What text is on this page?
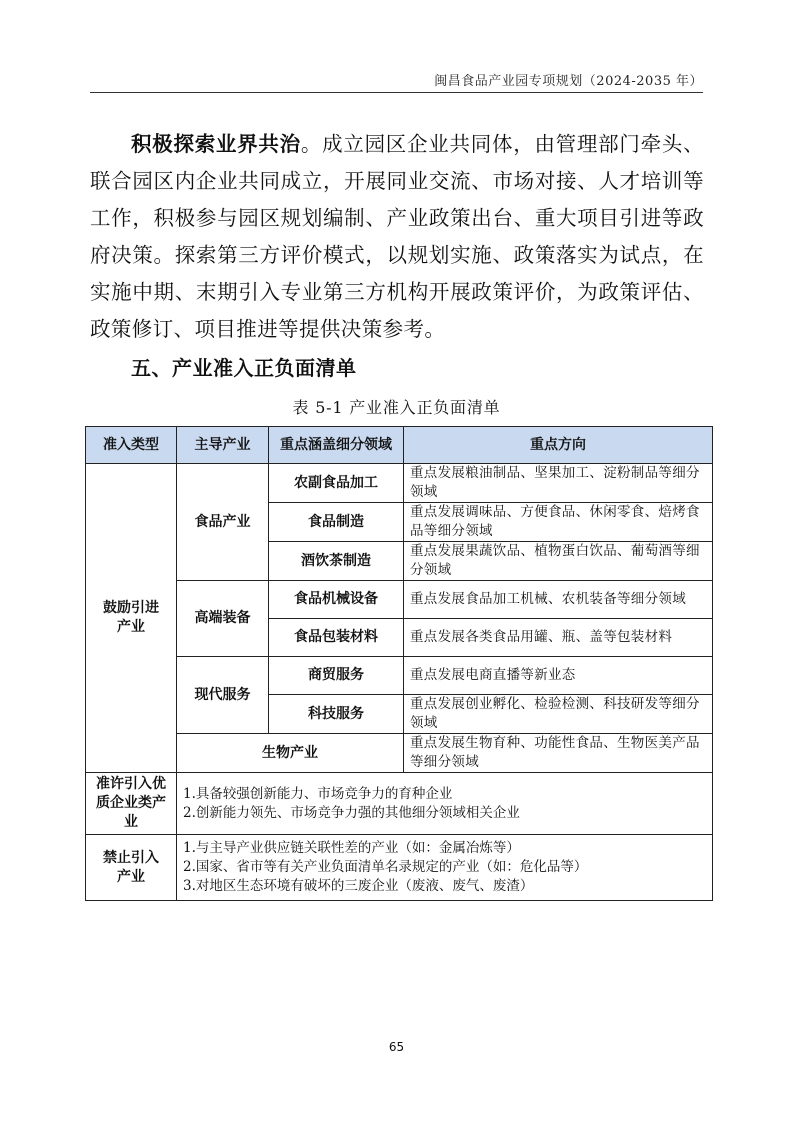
闽昌食品产业园专项规划（2024-2035 年）
积极探索业界共治。成立园区企业共同体，由管理部门牵头、联合园区内企业共同成立，开展同业交流、市场对接、人才培训等工作，积极参与园区规划编制、产业政策出台、重大项目引进等政府决策。探索第三方评价模式，以规划实施、政策落实为试点，在实施中期、末期引入专业第三方机构开展政策评价，为政策评估、政策修订、项目推进等提供决策参考。
五、产业准入正负面清单
表 5-1 产业准入正负面清单
准入类型	主导产业	重点涵盖细分领域	重点方向
鼓励引进产业	食品产业	农副食品加工	重点发展粮油制品、坚果加工、淀粉制品等细分领域
		食品制造	重点发展调味品、方便食品、休闲零食、焙烤食品等细分领域
		酒饮茶制造	重点发展果蔬饮品、植物蛋白饮品、葡萄酒等细分领域
	高端装备	食品机械设备	重点发展食品加工机械、农机装备等细分领域
		食品包装材料	重点发展各类食品用罐、瓶、盖等包装材料
	现代服务	商贸服务	重点发展电商直播等新业态
		科技服务	重点发展创业孵化、检验检测、科技研发等细分领域
	生物产业		重点发展生物育种、功能性食品、生物医美产品等细分领域
准许引入优质企业类产业	1.具备较强创新能力、市场竞争力的育种企业
2.创新能力领先、市场竞争力强的其他细分领域相关企业		

禁止引入产业	1.与主导产业供应链关联性差的产业（如：金属冶炼等）
2.国家、省市等有关产业负面清单名录规定的产业（如：危化品等）
3.对地区生态环境有破坏的三废企业（废液、废气、废渣）		
65
